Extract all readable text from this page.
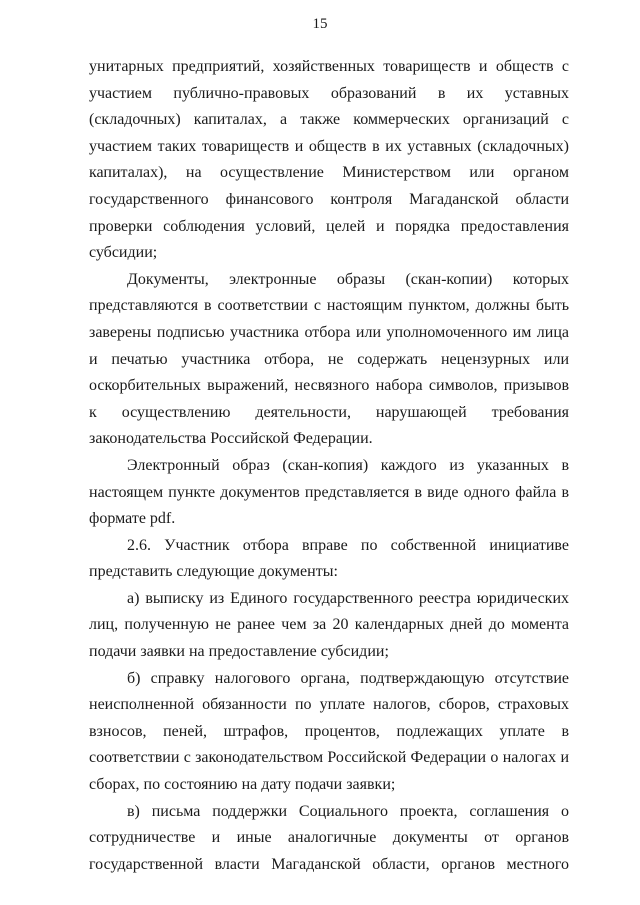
15

унитарных предприятий, хозяйственных товариществ и обществ с участием публично-правовых образований в их уставных (складочных) капиталах, а также коммерческих организаций с участием таких товариществ и обществ в их уставных (складочных) капиталах), на осуществление Министерством или органом государственного финансового контроля Магаданской области проверки соблюдения условий, целей и порядка предоставления субсидии;

Документы, электронные образы (скан-копии) которых представляются в соответствии с настоящим пунктом, должны быть заверены подписью участника отбора или уполномоченного им лица и печатью участника отбора, не содержать нецензурных или оскорбительных выражений, несвязного набора символов, призывов к осуществлению деятельности, нарушающей требования законодательства Российской Федерации.

Электронный образ (скан-копия) каждого из указанных в настоящем пункте документов представляется в виде одного файла в формате pdf.

2.6. Участник отбора вправе по собственной инициативе представить следующие документы:

а) выписку из Единого государственного реестра юридических лиц, полученную не ранее чем за 20 календарных дней до момента подачи заявки на предоставление субсидии;

б) справку налогового органа, подтверждающую отсутствие неисполненной обязанности по уплате налогов, сборов, страховых взносов, пеней, штрафов, процентов, подлежащих уплате в соответствии с законодательством Российской Федерации о налогах и сборах, по состоянию на дату подачи заявки;

в) письма поддержки Социального проекта, соглашения о сотрудничестве и иные аналогичные документы от органов государственной власти Магаданской области, органов местного
